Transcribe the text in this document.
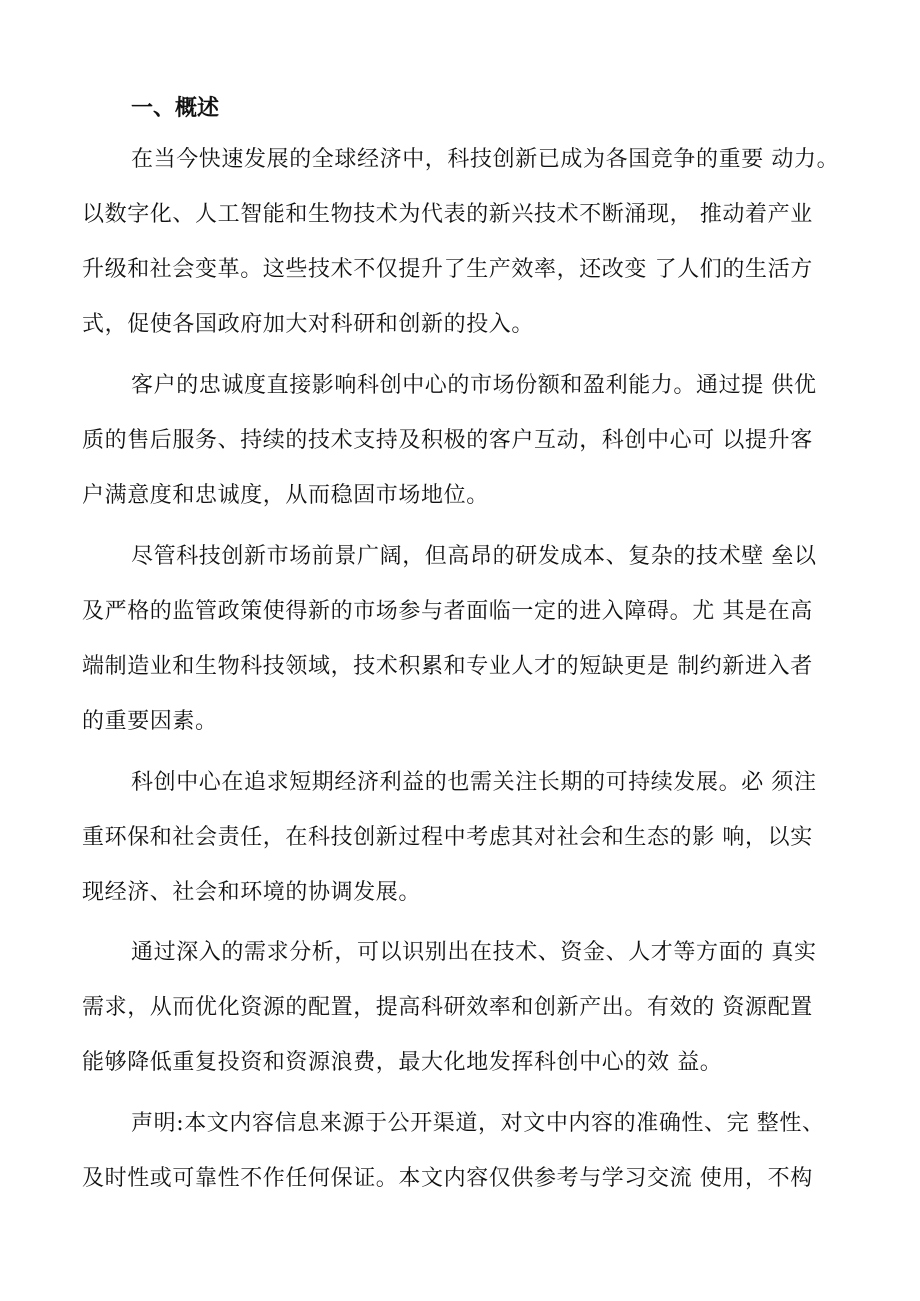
一、概述
在当今快速发展的全球经济中，科技创新已成为各国竞争的重要 动力。
以数字化、人工智能和生物技术为代表的新兴技术不断涌现， 推动着产业
升级和社会变革。这些技术不仅提升了生产效率，还改变 了人们的生活方
式，促使各国政府加大对科研和创新的投入。
客户的忠诚度直接影响科创中心的市场份额和盈利能力。通过提 供优
质的售后服务、持续的技术支持及积极的客户互动，科创中心可 以提升客
户满意度和忠诚度，从而稳固市场地位。
尽管科技创新市场前景广阔，但高昂的研发成本、复杂的技术壁 垒以
及严格的监管政策使得新的市场参与者面临一定的进入障碍。尤 其是在高
端制造业和生物科技领域，技术积累和专业人才的短缺更是 制约新进入者
的重要因素。
科创中心在追求短期经济利益的也需关注长期的可持续发展。必 须注
重环保和社会责任，在科技创新过程中考虑其对社会和生态的影 响，以实
现经济、社会和环境的协调发展。
通过深入的需求分析，可以识别出在技术、资金、人才等方面的 真实
需求，从而优化资源的配置，提高科研效率和创新产出。有效的 资源配置
能够降低重复投资和资源浪费，最大化地发挥科创中心的效 益。
声明:本文内容信息来源于公开渠道，对文中内容的准确性、完 整性、
及时性或可靠性不作任何保证。本文内容仅供参考与学习交流 使用，不构
